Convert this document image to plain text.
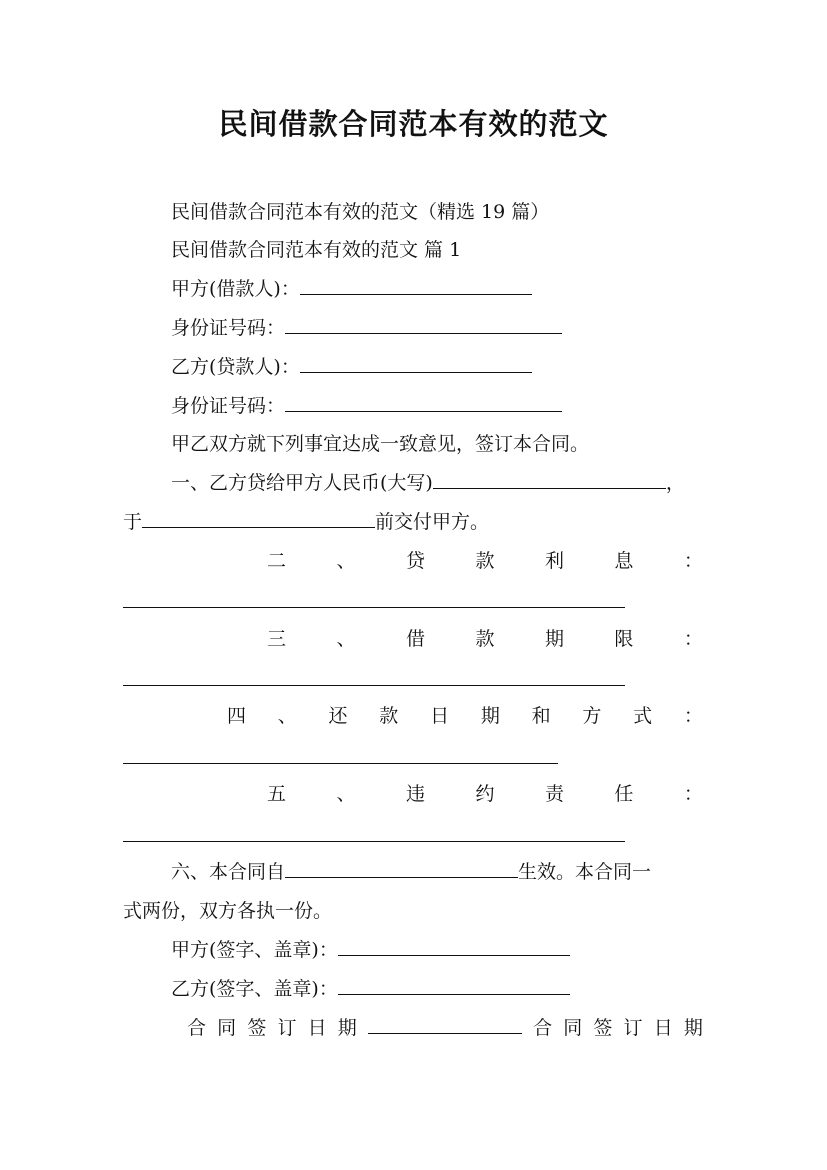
民间借款合同范本有效的范文
民间借款合同范本有效的范文（精选 19 篇）
民间借款合同范本有效的范文 篇 1
甲方(借款人)：
身份证号码：
乙方(贷款人)：
身份证号码：
甲乙双方就下列事宜达成一致意见，签订本合同。
一、乙方贷给甲方人民币(大写)	，
于	前交付甲方。
二	、	贷	款	利	息	：
三	、	借	款	期	限	：
四 、 还 款 日 期 和 方 式 ：
五	、	违	约	责	任	：
六、本合同自	生效。本合同一
式两份，双方各执一份。
甲方(签字、盖章)：
乙方(签字、盖章)：
合 同 签 订 日 期	合 同 签 订 日 期
